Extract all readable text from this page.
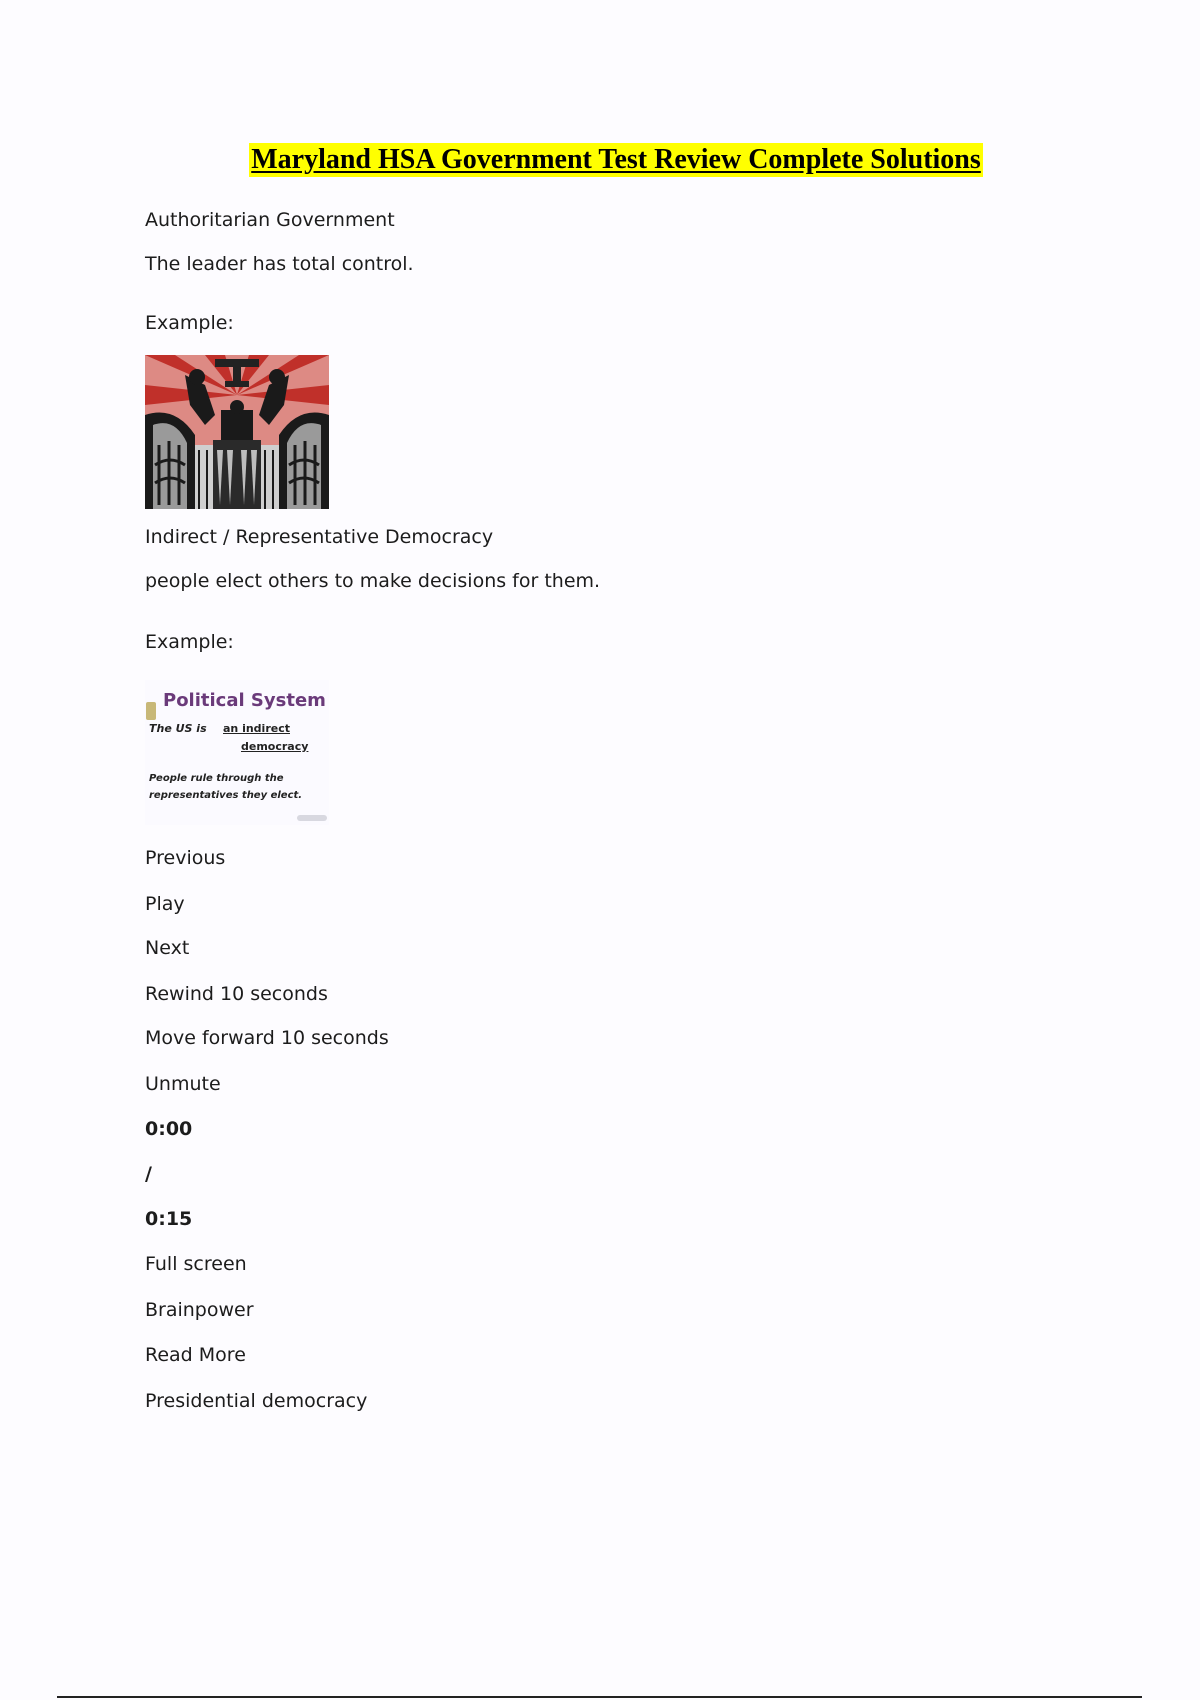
Maryland HSA Government Test Review Complete Solutions
Authoritarian Government
The leader has total control.
Example:
Indirect / Representative Democracy
people elect others to make decisions for them.
Example:
Political System
The US is an indirect
democracy
People rule through the
representatives they elect.
Previous
Play
Next
Rewind 10 seconds
Move forward 10 seconds
Unmute
0:00
/
0:15
Full screen
Brainpower
Read More
Presidential democracy
